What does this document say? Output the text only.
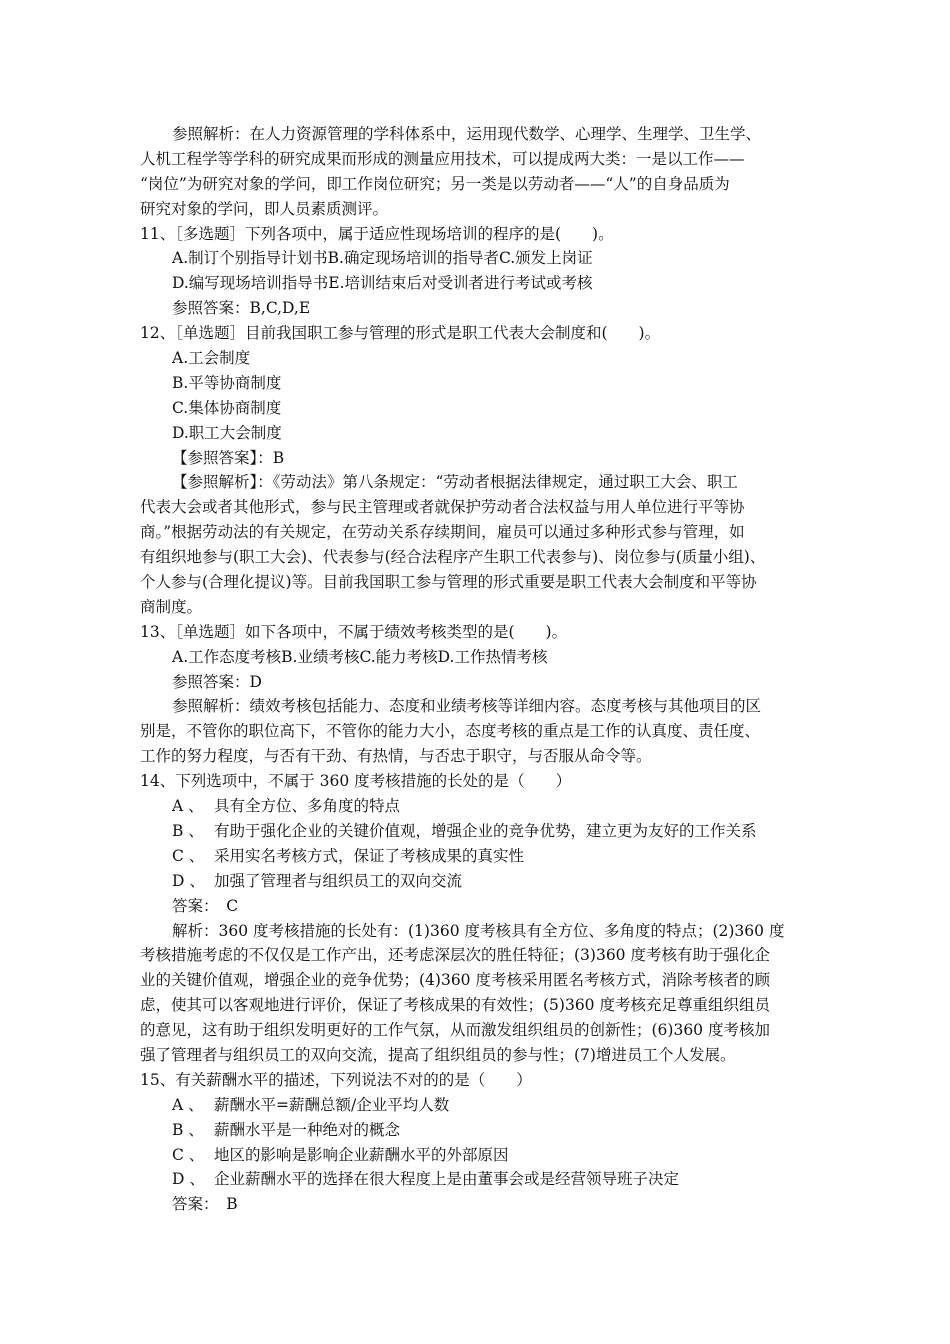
参照解析：在人力资源管理的学科体系中，运用现代数学、心理学、生理学、卫生学、
人机工程学等学科的研究成果而形成的测量应用技术，可以提成两大类：一是以工作——
“岗位”为研究对象的学问，即工作岗位研究；另一类是以劳动者——“人”的自身品质为
研究对象的学问，即人员素质测评。
11、［多选题］下列各项中，属于适应性现场培训的程序的是(　　)。
A.制订个别指导计划书B.确定现场培训的指导者C.颁发上岗证
D.编写现场培训指导书E.培训结束后对受训者进行考试或考核
参照答案：B,C,D,E
12、［单选题］目前我国职工参与管理的形式是职工代表大会制度和(　　)。
A.工会制度
B.平等协商制度
C.集体协商制度
D.职工大会制度
【参照答案】：B
【参照解析】：《劳动法》第八条规定：“劳动者根据法律规定，通过职工大会、职工
代表大会或者其他形式，参与民主管理或者就保护劳动者合法权益与用人单位进行平等协
商。”根据劳动法的有关规定，在劳动关系存续期间，雇员可以通过多种形式参与管理，如
有组织地参与(职工大会)、代表参与(经合法程序产生职工代表参与)、岗位参与(质量小组)、
个人参与(合理化提议)等。目前我国职工参与管理的形式重要是职工代表大会制度和平等协
商制度。
13、［单选题］如下各项中，不属于绩效考核类型的是(　　)。
A.工作态度考核B.业绩考核C.能力考核D.工作热情考核
参照答案：D
参照解析：绩效考核包括能力、态度和业绩考核等详细内容。态度考核与其他项目的区
别是，不管你的职位高下，不管你的能力大小，态度考核的重点是工作的认真度、责任度、
工作的努力程度，与否有干劲、有热情，与否忠于职守，与否服从命令等。
14、下列选项中，不属于 360 度考核措施的长处的是（　　）
A 、 具有全方位、多角度的特点
B 、 有助于强化企业的关键价值观，增强企业的竞争优势，建立更为友好的工作关系
C 、 采用实名考核方式，保证了考核成果的真实性
D 、 加强了管理者与组织员工的双向交流
答案：　C
解析：360 度考核措施的长处有：(1)360 度考核具有全方位、多角度的特点；(2)360 度
考核措施考虑的不仅仅是工作产出，还考虑深层次的胜任特征；(3)360 度考核有助于强化企
业的关键价值观，增强企业的竞争优势；(4)360 度考核采用匿名考核方式，消除考核者的顾
虑，使其可以客观地进行评价，保证了考核成果的有效性；(5)360 度考核充足尊重组织组员
的意见，这有助于组织发明更好的工作气氛，从而激发组织组员的创新性；(6)360 度考核加
强了管理者与组织员工的双向交流，提高了组织组员的参与性；(7)增进员工个人发展。
15、有关薪酬水平的描述，下列说法不对的的是（　　）
A 、 薪酬水平=薪酬总额/企业平均人数
B 、 薪酬水平是一种绝对的概念
C 、 地区的影响是影响企业薪酬水平的外部原因
D 、 企业薪酬水平的选择在很大程度上是由董事会或是经营领导班子决定
答案：　B
